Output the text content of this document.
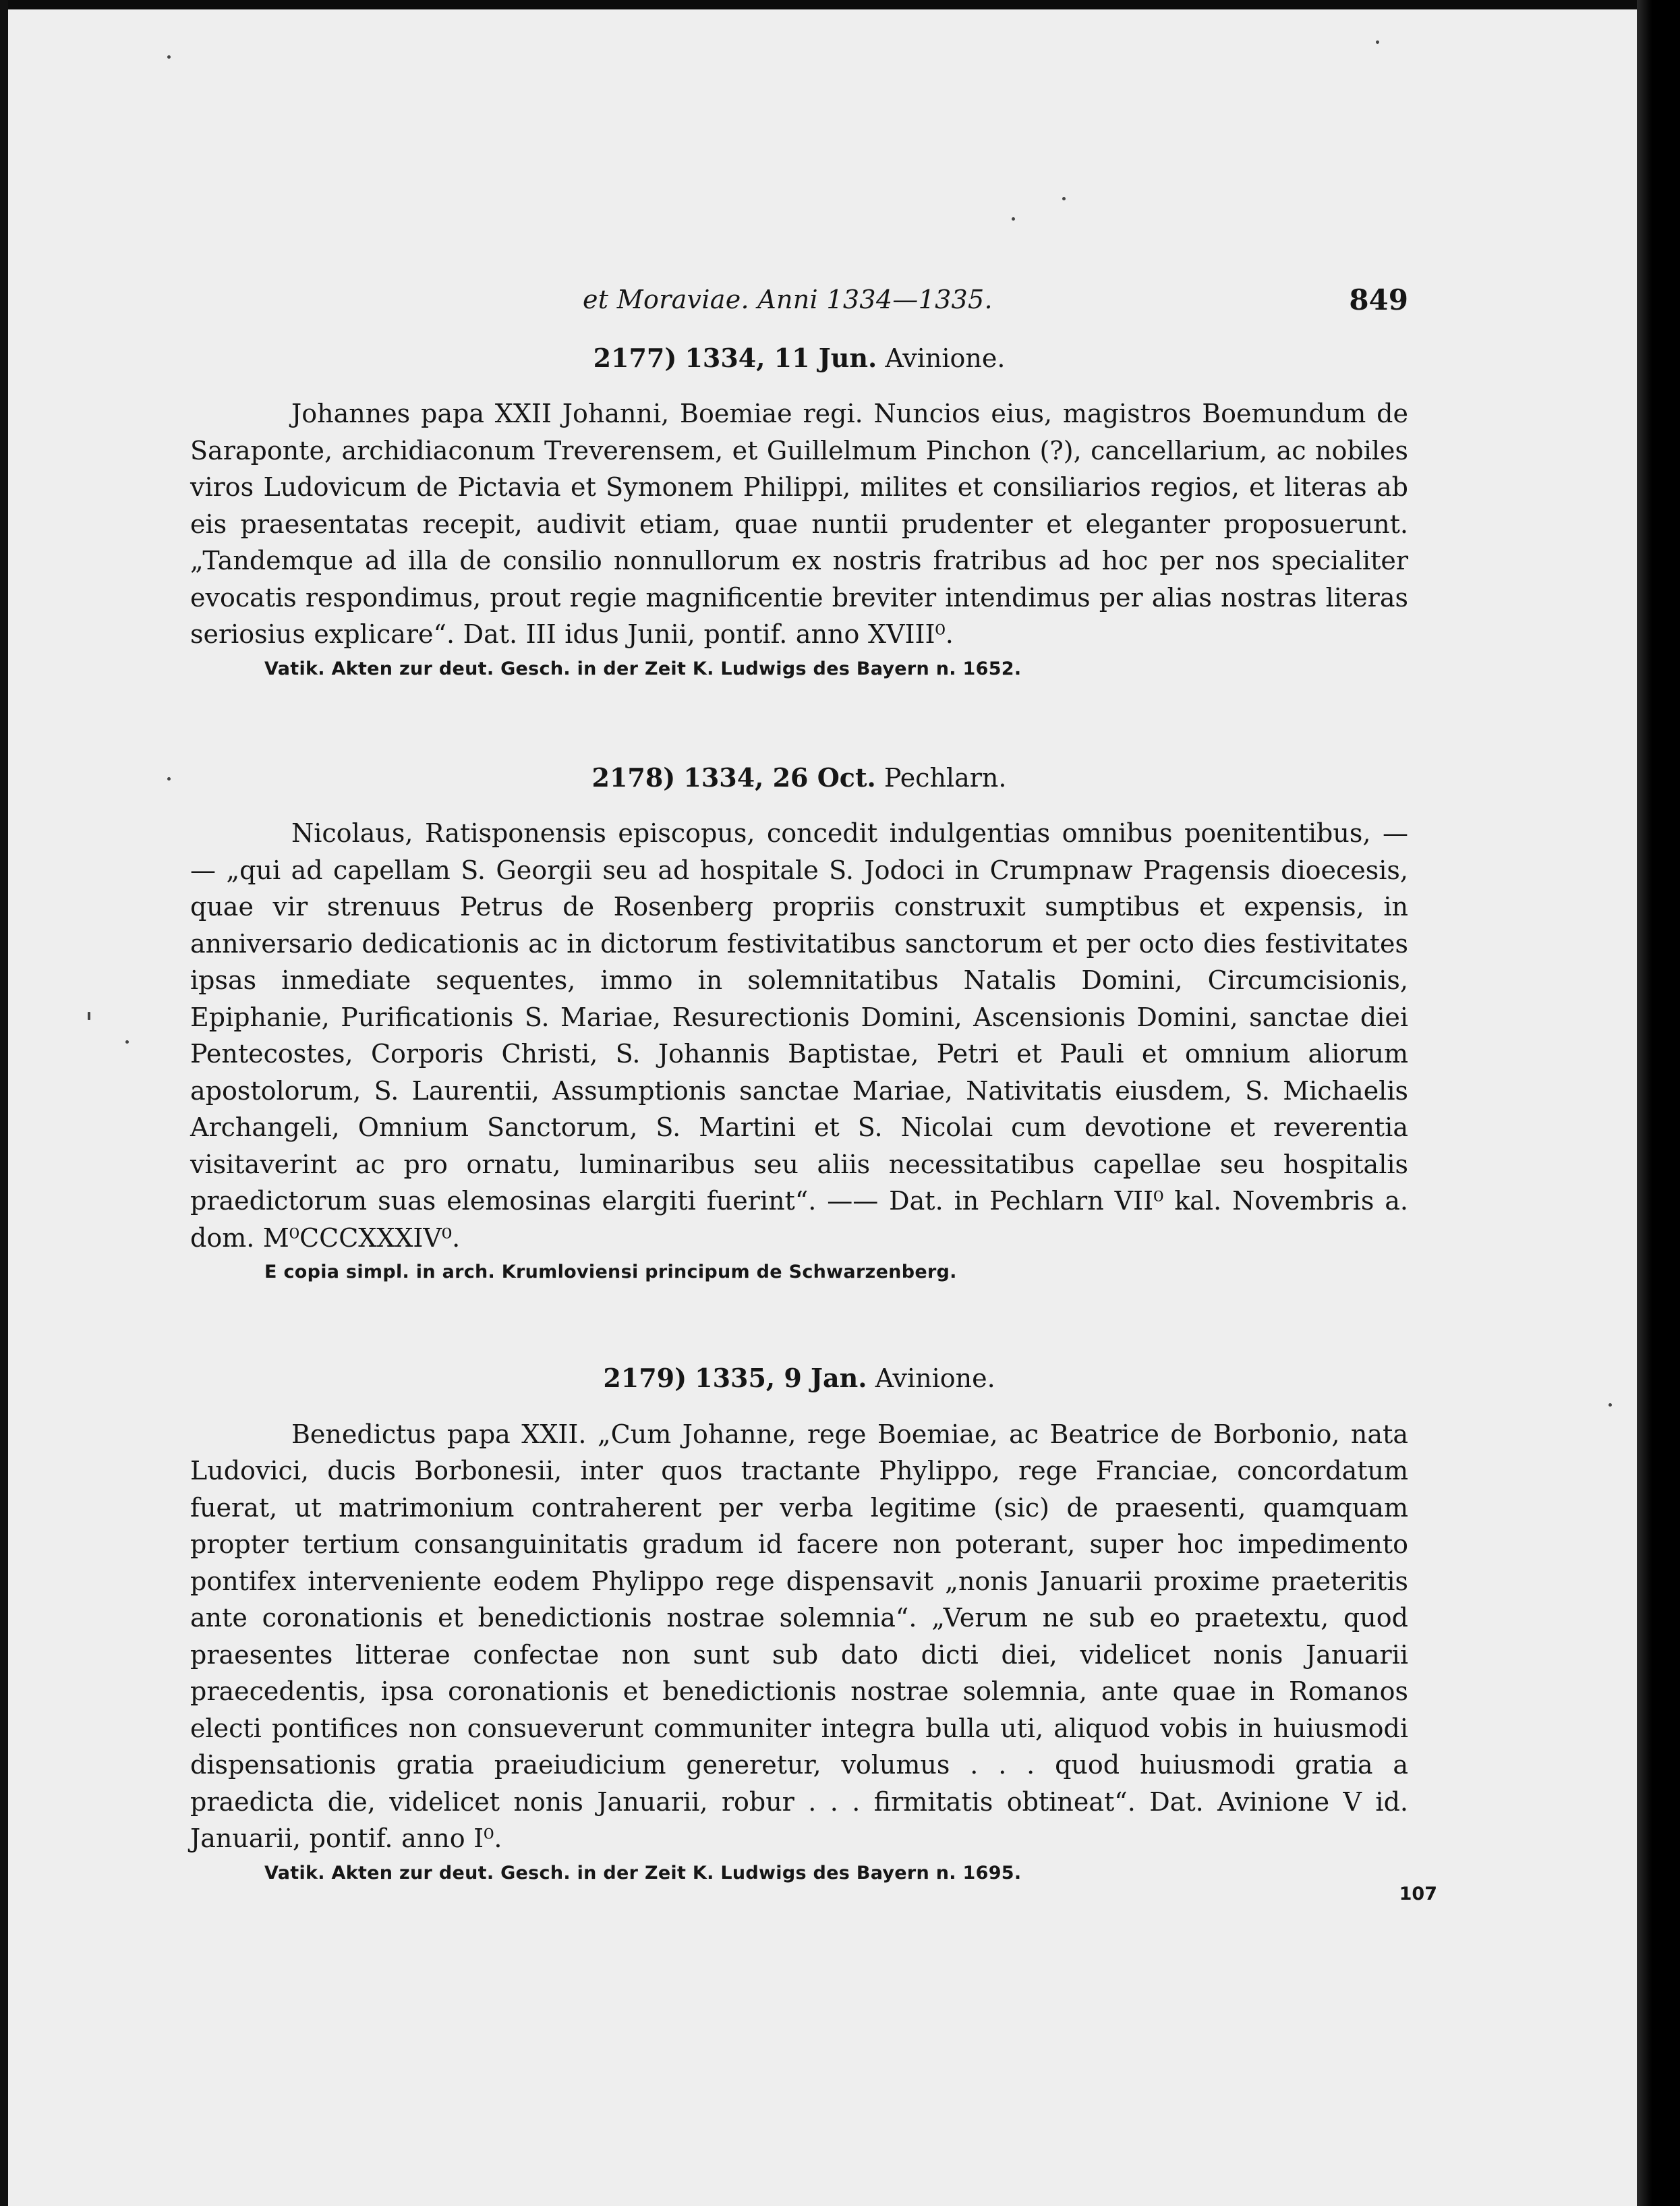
et Moraviae. Anni 1334—1335.	849
2177) 1334, 11 Jun. Avinione.

Johannes papa XXII Johanni, Boemiae regi. Nuncios eius, magistros Boemundum de Saraponte, archidiaconum Treverensem, et Guillelmum Pinchon (?), cancellarium, ac nobiles viros Ludovicum de Pictavia et Symonem Philippi, milites et consiliarios regios, et literas ab eis praesentatas recepit, audivit etiam, quae nuntii prudenter et eleganter proposuerunt. „Tandemque ad illa de consilio nonnullorum ex nostris fratribus ad hoc per nos specialiter evocatis respondimus, prout regie magnificentie breviter intendimus per alias nostras literas seriosius explicare“. Dat. III idus Junii, pontif. anno XVIII⁰.

Vatik. Akten zur deut. Gesch. in der Zeit K. Ludwigs des Bayern n. 1652.
2178) 1334, 26 Oct. Pechlarn.

Nicolaus, Ratisponensis episcopus, concedit indulgentias omnibus poenitentibus, — — „qui ad capellam S. Georgii seu ad hospitale S. Jodoci in Crumpnaw Pragensis dioecesis, quae vir strenuus Petrus de Rosenberg propriis construxit sumptibus et expensis, in anniversario dedicationis ac in dictorum festivitatibus sanctorum et per octo dies festivitates ipsas inmediate sequentes, immo in solemnitatibus Natalis Domini, Circumcisionis, Epiphanie, Purificationis S. Mariae, Resurectionis Domini, Ascensionis Domini, sanctae diei Pentecostes, Corporis Christi, S. Johannis Baptistae, Petri et Pauli et omnium aliorum apostolorum, S. Laurentii, Assumptionis sanctae Mariae, Nativitatis eiusdem, S. Michaelis Archangeli, Omnium Sanctorum, S. Martini et S. Nicolai cum devotione et reverentia visitaverint ac pro ornatu, luminaribus seu aliis necessitatibus capellae seu hospitalis praedictorum suas elemosinas elargiti fuerint“. —— Dat. in Pechlarn VII⁰ kal. Novembris a. dom. M⁰CCCXXXIV⁰.

E copia simpl. in arch. Krumloviensi principum de Schwarzenberg.
2179) 1335, 9 Jan. Avinione.

Benedictus papa XXII. „Cum Johanne, rege Boemiae, ac Beatrice de Borbonio, nata Ludovici, ducis Borbonesii, inter quos tractante Phylippo, rege Franciae, concordatum fuerat, ut matrimonium contraherent per verba legitime (sic) de praesenti, quamquam propter tertium consanguinitatis gradum id facere non poterant, super hoc impedimento pontifex interveniente eodem Phylippo rege dispensavit „nonis Januarii proxime praeteritis ante coronationis et benedictionis nostrae solemnia“. „Verum ne sub eo praetextu, quod praesentes litterae confectae non sunt sub dato dicti diei, videlicet nonis Januarii praecedentis, ipsa coronationis et benedictionis nostrae solemnia, ante quae in Romanos electi pontifices non consueverunt communiter integra bulla uti, aliquod vobis in huiusmodi dispensationis gratia praeiudicium generetur, volumus . . . quod huiusmodi gratia a praedicta die, videlicet nonis Januarii, robur . . . firmitatis obtineat“. Dat. Avinione V id. Januarii, pontif. anno I⁰.

Vatik. Akten zur deut. Gesch. in der Zeit K. Ludwigs des Bayern n. 1695.
107
